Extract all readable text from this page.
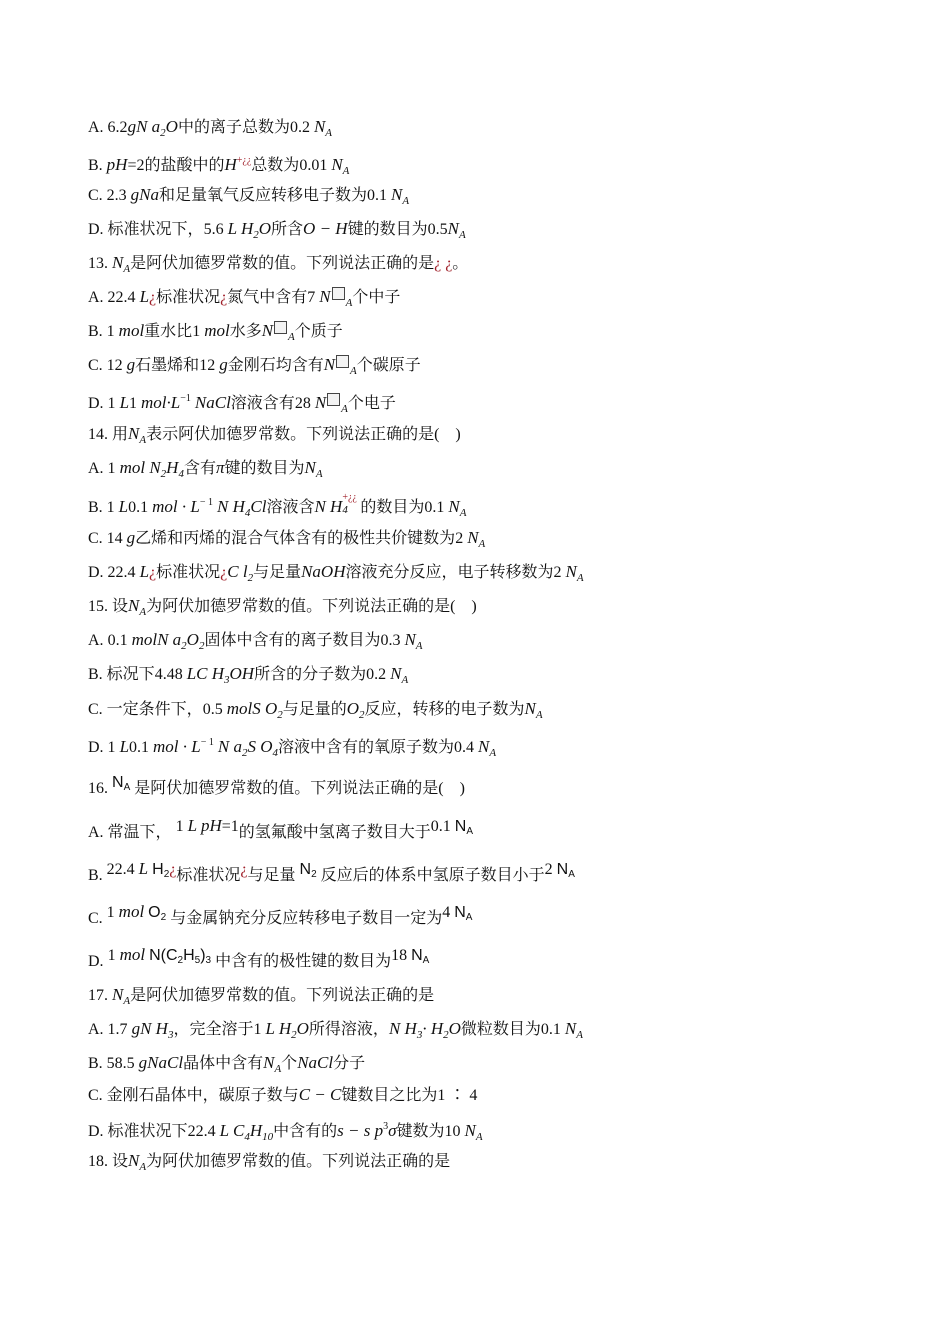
A. 6.2gN $a_2O$中的离子总数为0.2 $N_A$
B. pH=2的盐酸中的H+¿¿总数为0.01 $N_A$
C. 2.3 gNa和足量氧气反应转移电子数为0.1 $N_A$
D. 标准状况下，5.6 L $H_2O$所含O − H键的数目为$0.5N_A$
13. $N_A$是阿伏加德罗常数的值。下列说法正确的是¿ ¿。
A. 22.4 L¿标准状况¿氮气中含有7 N $_A$个中子
B. 1 mol重水比1 mol水多N $_A$个质子
C. 12 g石墨烯和12 g金刚石均含有N $_A$个碳原子
D. 1 L1 $mol\cdot L^{-1}$ NaCl溶液含有28 N $_A$个电子
14. 用$N_A$表示阿伏加德罗常数。下列说法正确的是(    )
A. 1 mol $N_2H_4$含有π键的数目为$N_A$
B. 1 L0.1 mol · $L^{- 1}$ N $H_4Cl$溶液含N H +¿¿
4 的数目为0.1 $N_A$
C. 14 g乙烯和丙烯的混合气体含有的极性共价键数为2 $N_A$
D. 22.4 L¿标准状况¿C $l_2$与足量NaOH溶液充分反应，电子转移数为2 $N_A$
15. 设$N_A$为阿伏加德罗常数的值。下列说法正确的是(    )
A. 0.1 molN $a_2O_2$固体中含有的离子数目为0.3 $N_A$
B. 标况下4.48 LC $H_3OH$所含的分子数为0.2 $N_A$
C. 一定条件下，0.5 molS $O_2$与足量的$O_2$反应，转移的电子数为$N_A$
D. 1 L0.1 mol · $L^{- 1}$ N $a_2S$ $O_4$溶液中含有的氧原子数为0.4 $N_A$
16. NA 是阿伏加德罗常数的值。下列说法正确的是(    )
A. 常温下， 1 L pH=1的氢氟酸中氢离子数目大于0.1 NA
B. 22.4 L H2¿标准状况¿与足量 N2 反应后的体系中氢原子数目小于2 NA
C. 1 mol O2 与金属钠充分反应转移电子数目一定为4 NA
D. 1 mol N(C2H5)3 中含有的极性键的数目为18 NA
17. $N_A$是阿伏加德罗常数的值。下列说法正确的是
A. 1.7 gN $H_3$，完全溶于1 L $H_2O$所得溶液，N $H_3\cdot H_2O$微粒数目为0.1 $N_A$
B. 58.5 gNaCl晶体中含有$N_A$个NaCl分子
C. 金刚石晶体中，碳原子数与C − C键数目之比为1 ∶ 4
D. 标准状况下22.4 L $C_4H_{10}$中含有的s − s $p^3\sigma$键数为10 $N_A$
18. 设$N_A$为阿伏加德罗常数的值。下列说法正确的是
